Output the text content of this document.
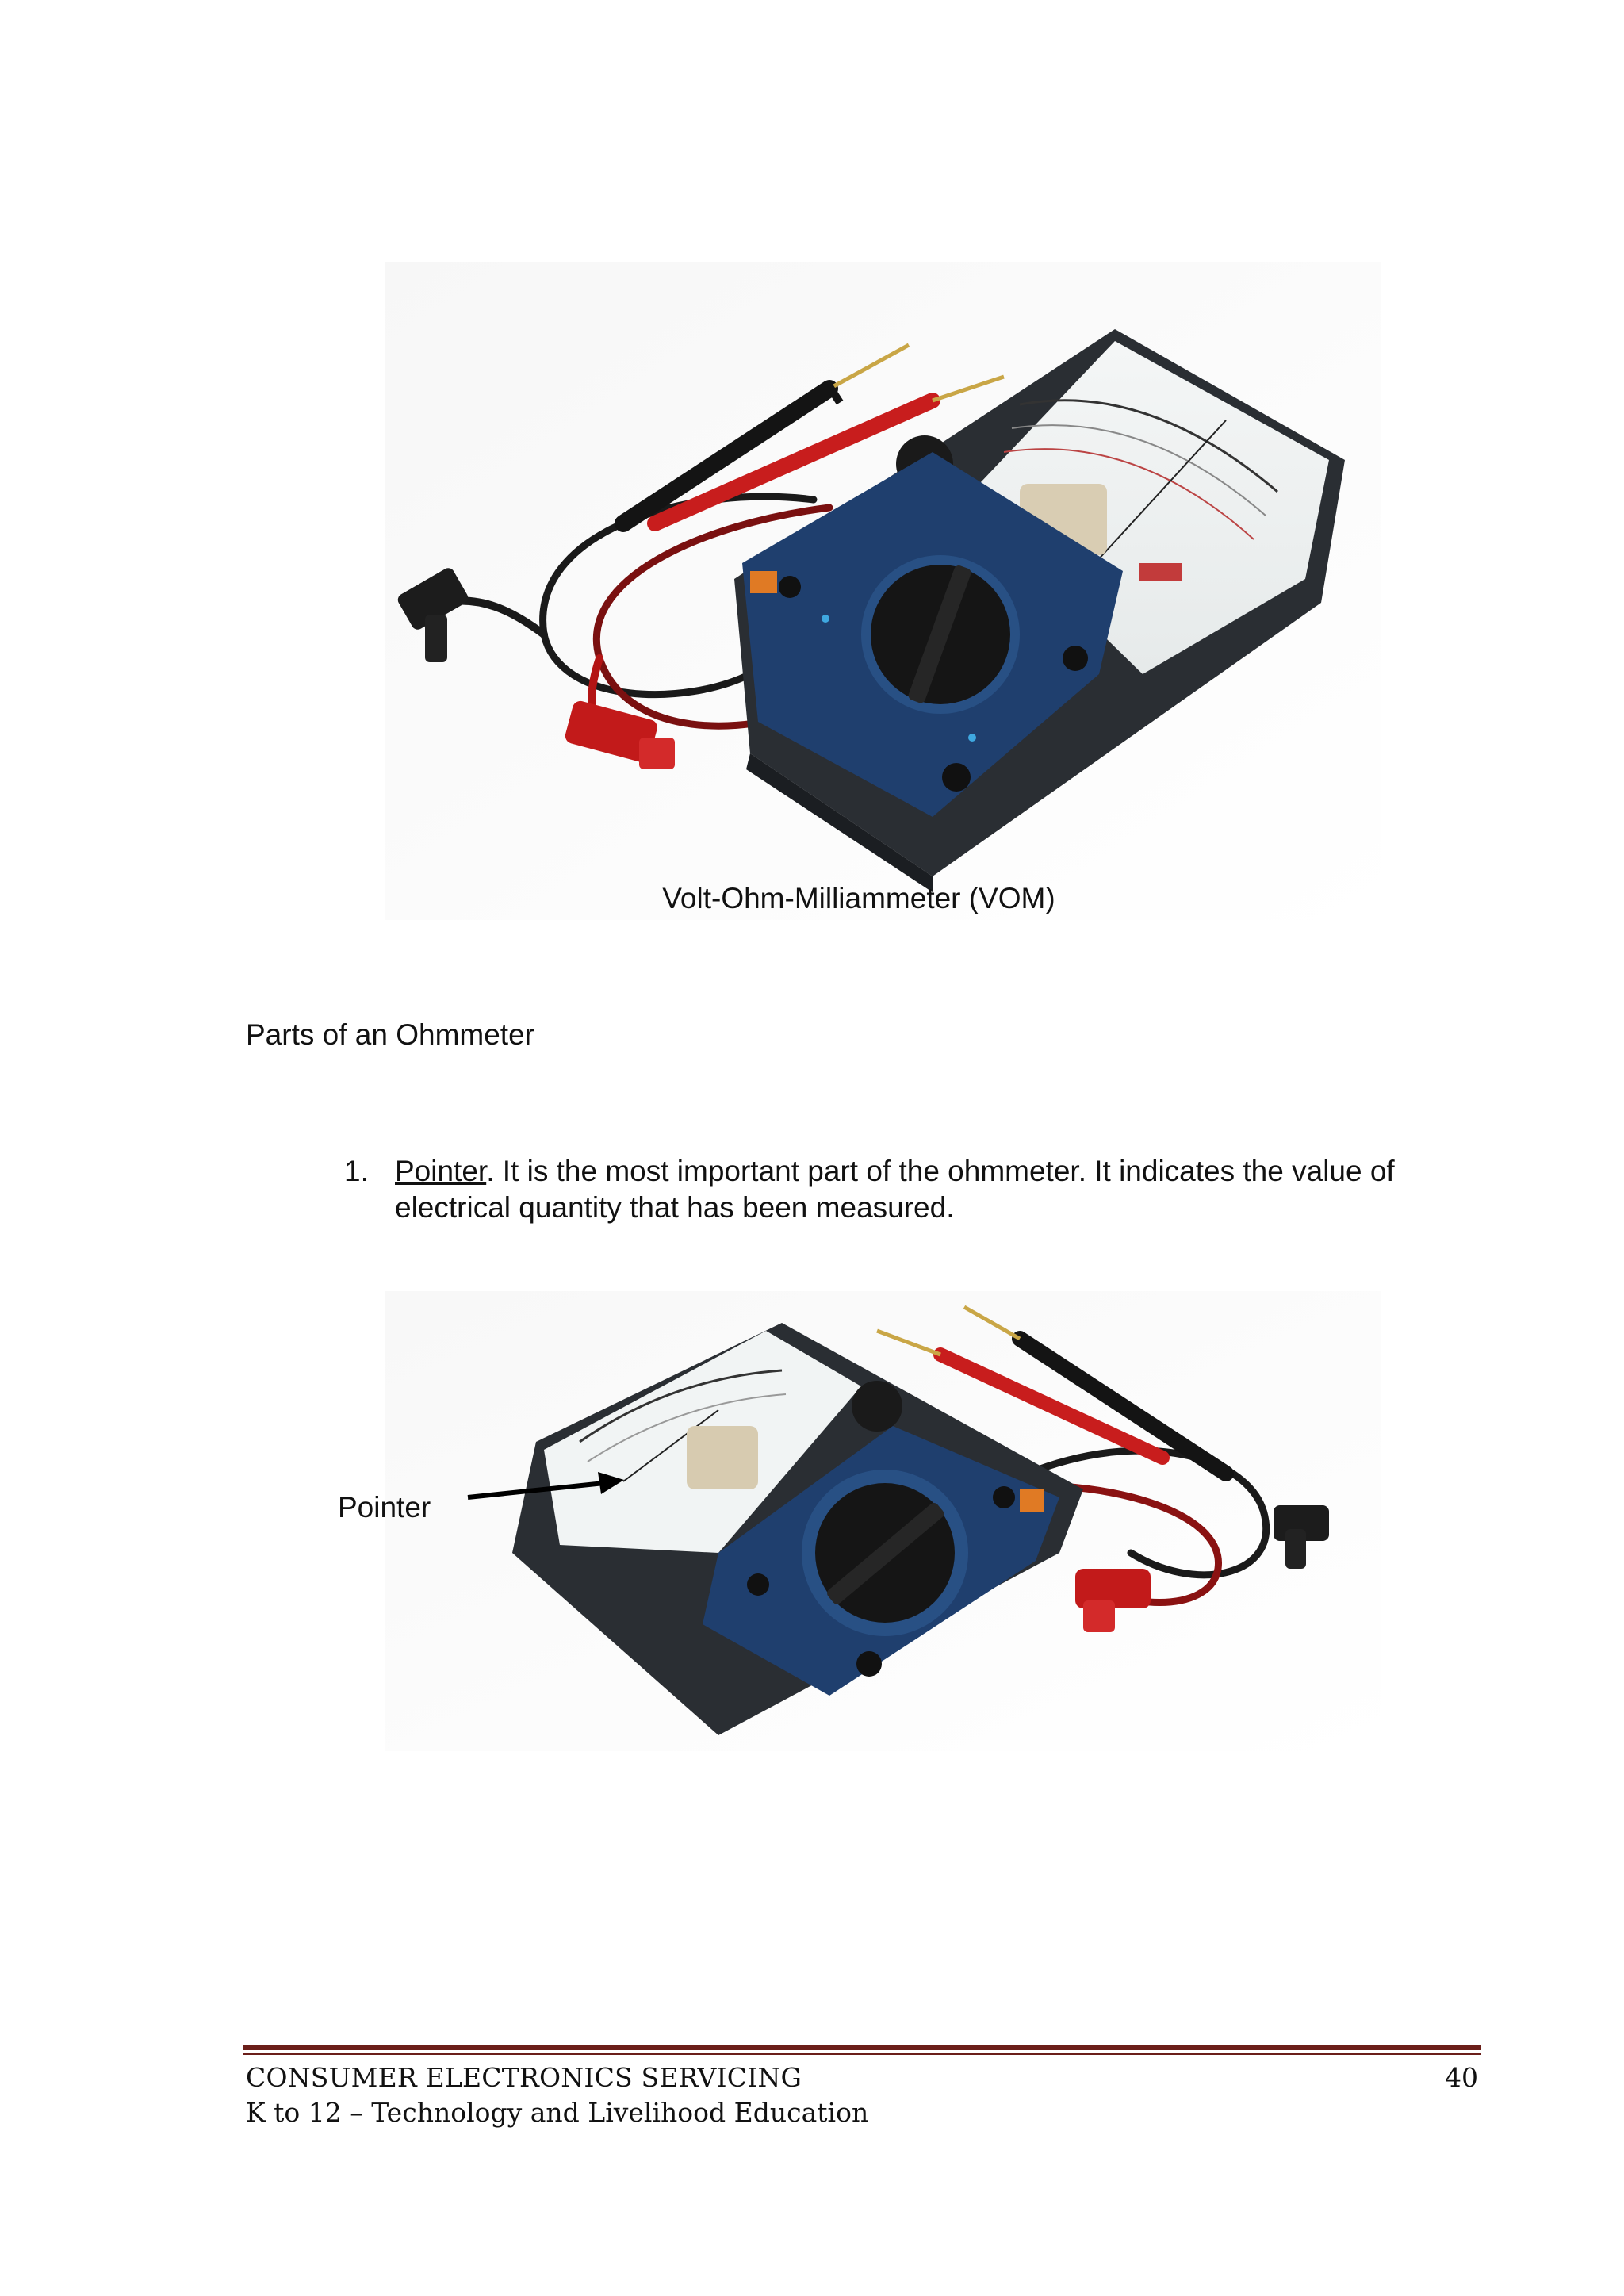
Volt-Ohm-Milliammeter (VOM)
Parts of an Ohmmeter
1. Pointer. It is the most important part of the ohmmeter. It indicates the value of electrical quantity that has been measured.
Pointer
CONSUMER ELECTRONICS SERVICING
K to 12 – Technology and Livelihood Education
40
